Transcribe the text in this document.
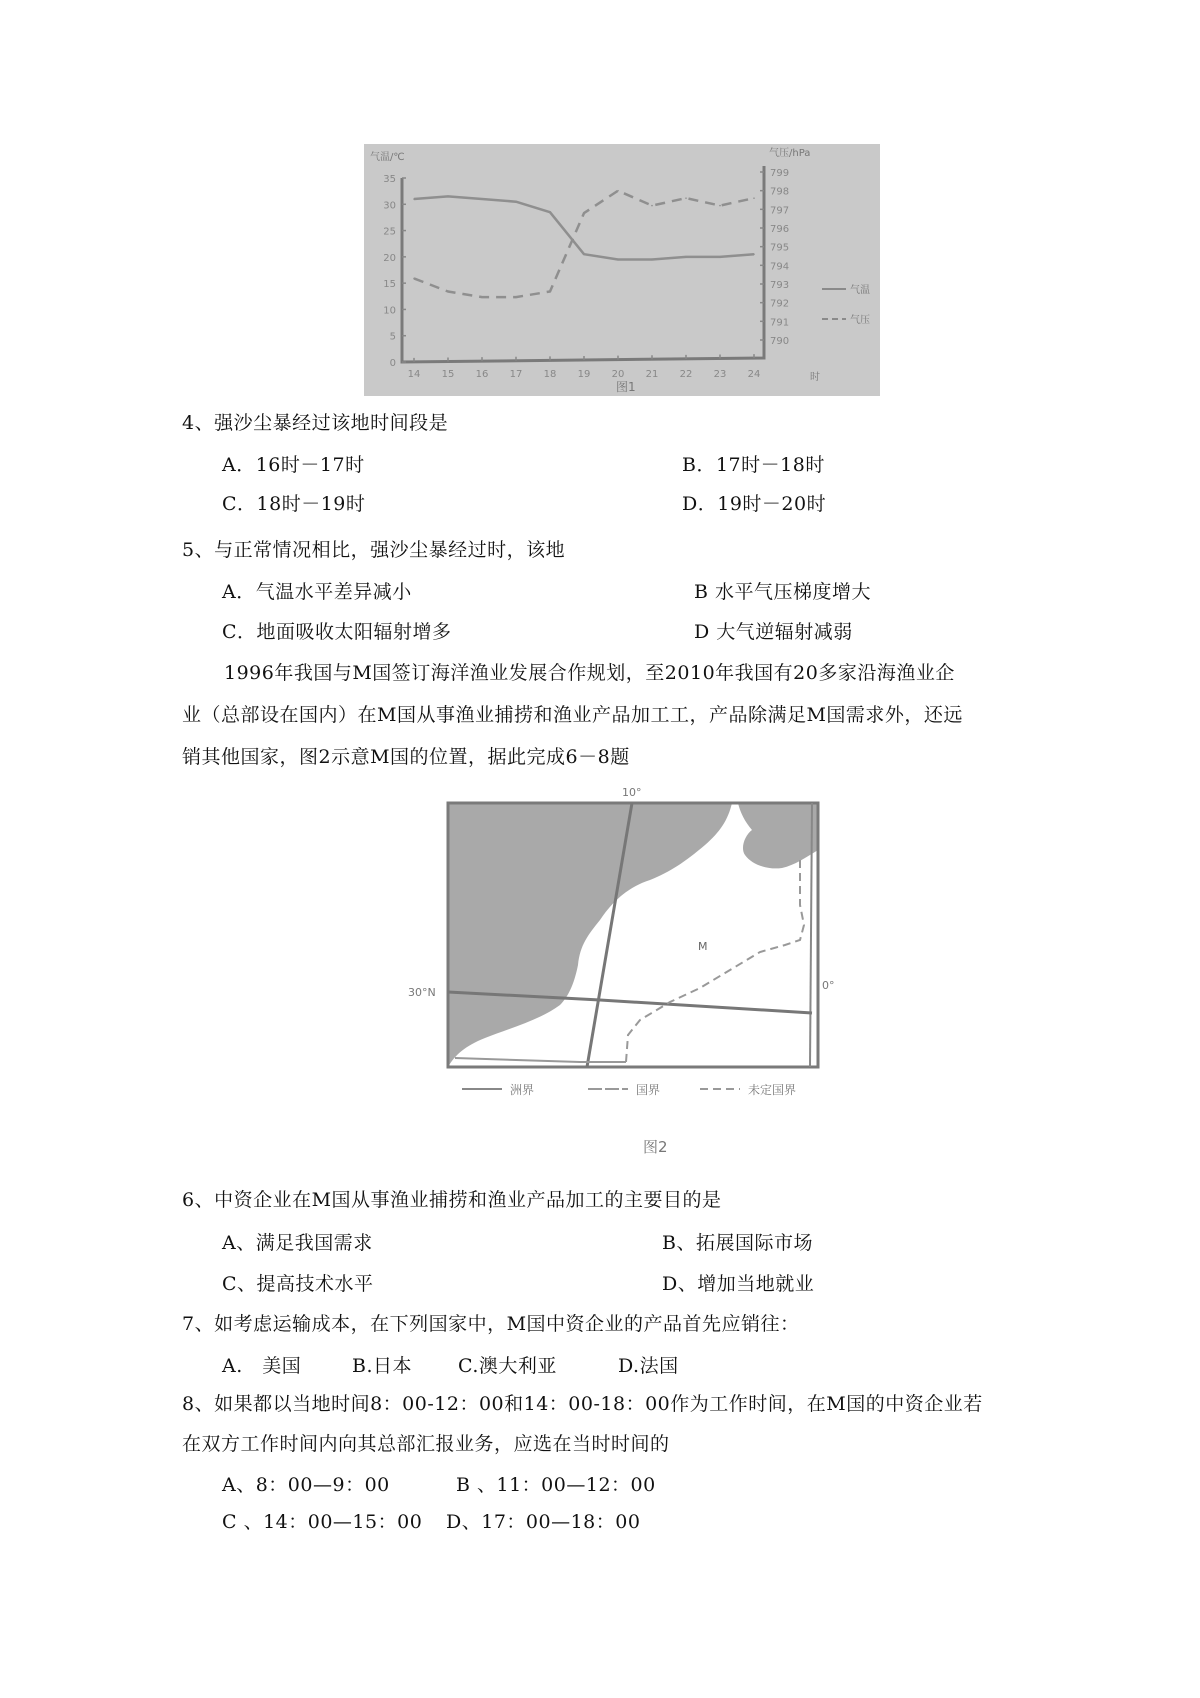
0
5
10
15
20
25
30
35
790
791
792
793
794
795
796
797
798
799
14 15 16 17 18 19 20 21 22 23 24
气温/℃	气压/hPa
时
气温
气压
图1
4、强沙尘暴经过该地时间段是
A．16时－17时	B．17时－18时
C．18时－19时	D．19时－20时
5、与正常情况相比，强沙尘暴经过时，该地
A．气温水平差异减小	B 水平气压梯度增大
C．地面吸收太阳辐射增多	D 大气逆辐射减弱
1996年我国与M国签订海洋渔业发展合作规划，至2010年我国有20多家沿海渔业企
业（总部设在国内）在M国从事渔业捕捞和渔业产品加工工，产品除满足M国需求外，还远
销其他国家，图2示意M国的位置，据此完成6－8题
M
10°
30°N
0°
洲界	国界	未定国界
图2
6、中资企业在M国从事渔业捕捞和渔业产品加工的主要目的是
A、满足我国需求	B、拓展国际市场
C、提高技术水平	D、增加当地就业
7、如考虑运输成本，在下列国家中，M国中资企业的产品首先应销往：
A.　美国	B.日本 C.澳大利亚	D.法国
8、如果都以当地时间8：00-12：00和14：00-18：00作为工作时间，在M国的中资企业若
在双方工作时间内向其总部汇报业务，应选在当时时间的
A、8：00—9：00	B 、11：00—12：00
C 、14：00—15：00 D、17：00—18：00
